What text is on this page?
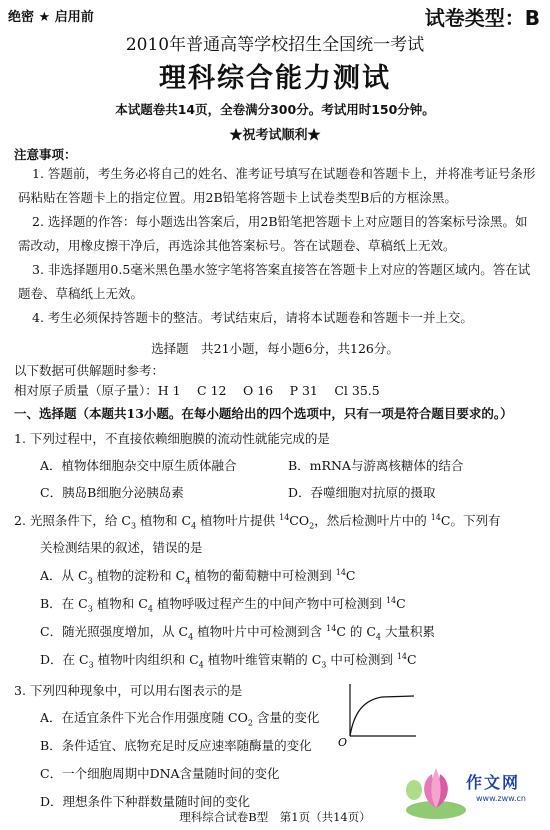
绝密 ★ 启用前	试卷类型：B
2010年普通高等学校招生全国统一考试
理科综合能力测试
本试题卷共14页，全卷满分300分。考试用时150分钟。
★祝考试顺利★
注意事项：
1. 答题前，考生务必将自己的姓名、准考证号填写在试题卷和答题卡上，并将准考证号条形码粘贴在答题卡上的指定位置。用2B铅笔将答题卡上试卷类型B后的方框涂黑。
2. 选择题的作答：每小题选出答案后，用2B铅笔把答题卡上对应题目的答案标号涂黑。如需改动，用橡皮擦干净后，再选涂其他答案标号。答在试题卷、草稿纸上无效。
3. 非选择题用0.5毫米黑色墨水签字笔将答案直接答在答题卡上对应的答题区域内。答在试题卷、草稿纸上无效。
4. 考生必须保持答题卡的整洁。考试结束后，请将本试题卷和答题卡一并上交。
选择题　共21小题，每小题6分，共126分。
以下数据可供解题时参考：
相对原子质量（原子量）：H 1　 C 12　 O 16　 P 31　 Cl 35.5
一、选择题（本题共13小题。在每小题给出的四个选项中，只有一项是符合题目要求的。）
1. 下列过程中，不直接依赖细胞膜的流动性就能完成的是
A．植物体细胞杂交中原生质体融合	B．mRNA与游离核糖体的结合
C．胰岛B细胞分泌胰岛素	D．吞噬细胞对抗原的摄取
2. 光照条件下，给 $C_3$ 植物和 $C_4$ 植物叶片提供 $^{14}CO_2$，然后检测叶片中的 $^{14}$C。下列有
关检测结果的叙述，错误的是
A．从 $C_3$ 植物的淀粉和 $C_4$ 植物的葡萄糖中可检测到 $^{14}$C
B．在 $C_3$ 植物和 $C_4$ 植物呼吸过程产生的中间产物中可检测到 $^{14}$C
C．随光照强度增加，从 $C_4$ 植物叶片中可检测到含 $^{14}$C 的 $C_4$ 大量积累
D．在 $C_3$ 植物叶肉组织和 $C_4$ 植物叶维管束鞘的 $C_3$ 中可检测到 $^{14}$C
3. 下列四种现象中，可以用右图表示的是
A．在适宜条件下光合作用强度随 $CO_2$ 含量的变化
B．条件适宜、底物充足时反应速率随酶量的变化
C．一个细胞周期中DNA含量随时间的变化
D．理想条件下种群数量随时间的变化
O
理科综合试卷B型　第1页（共14页）
作文网
www.zww.cn
